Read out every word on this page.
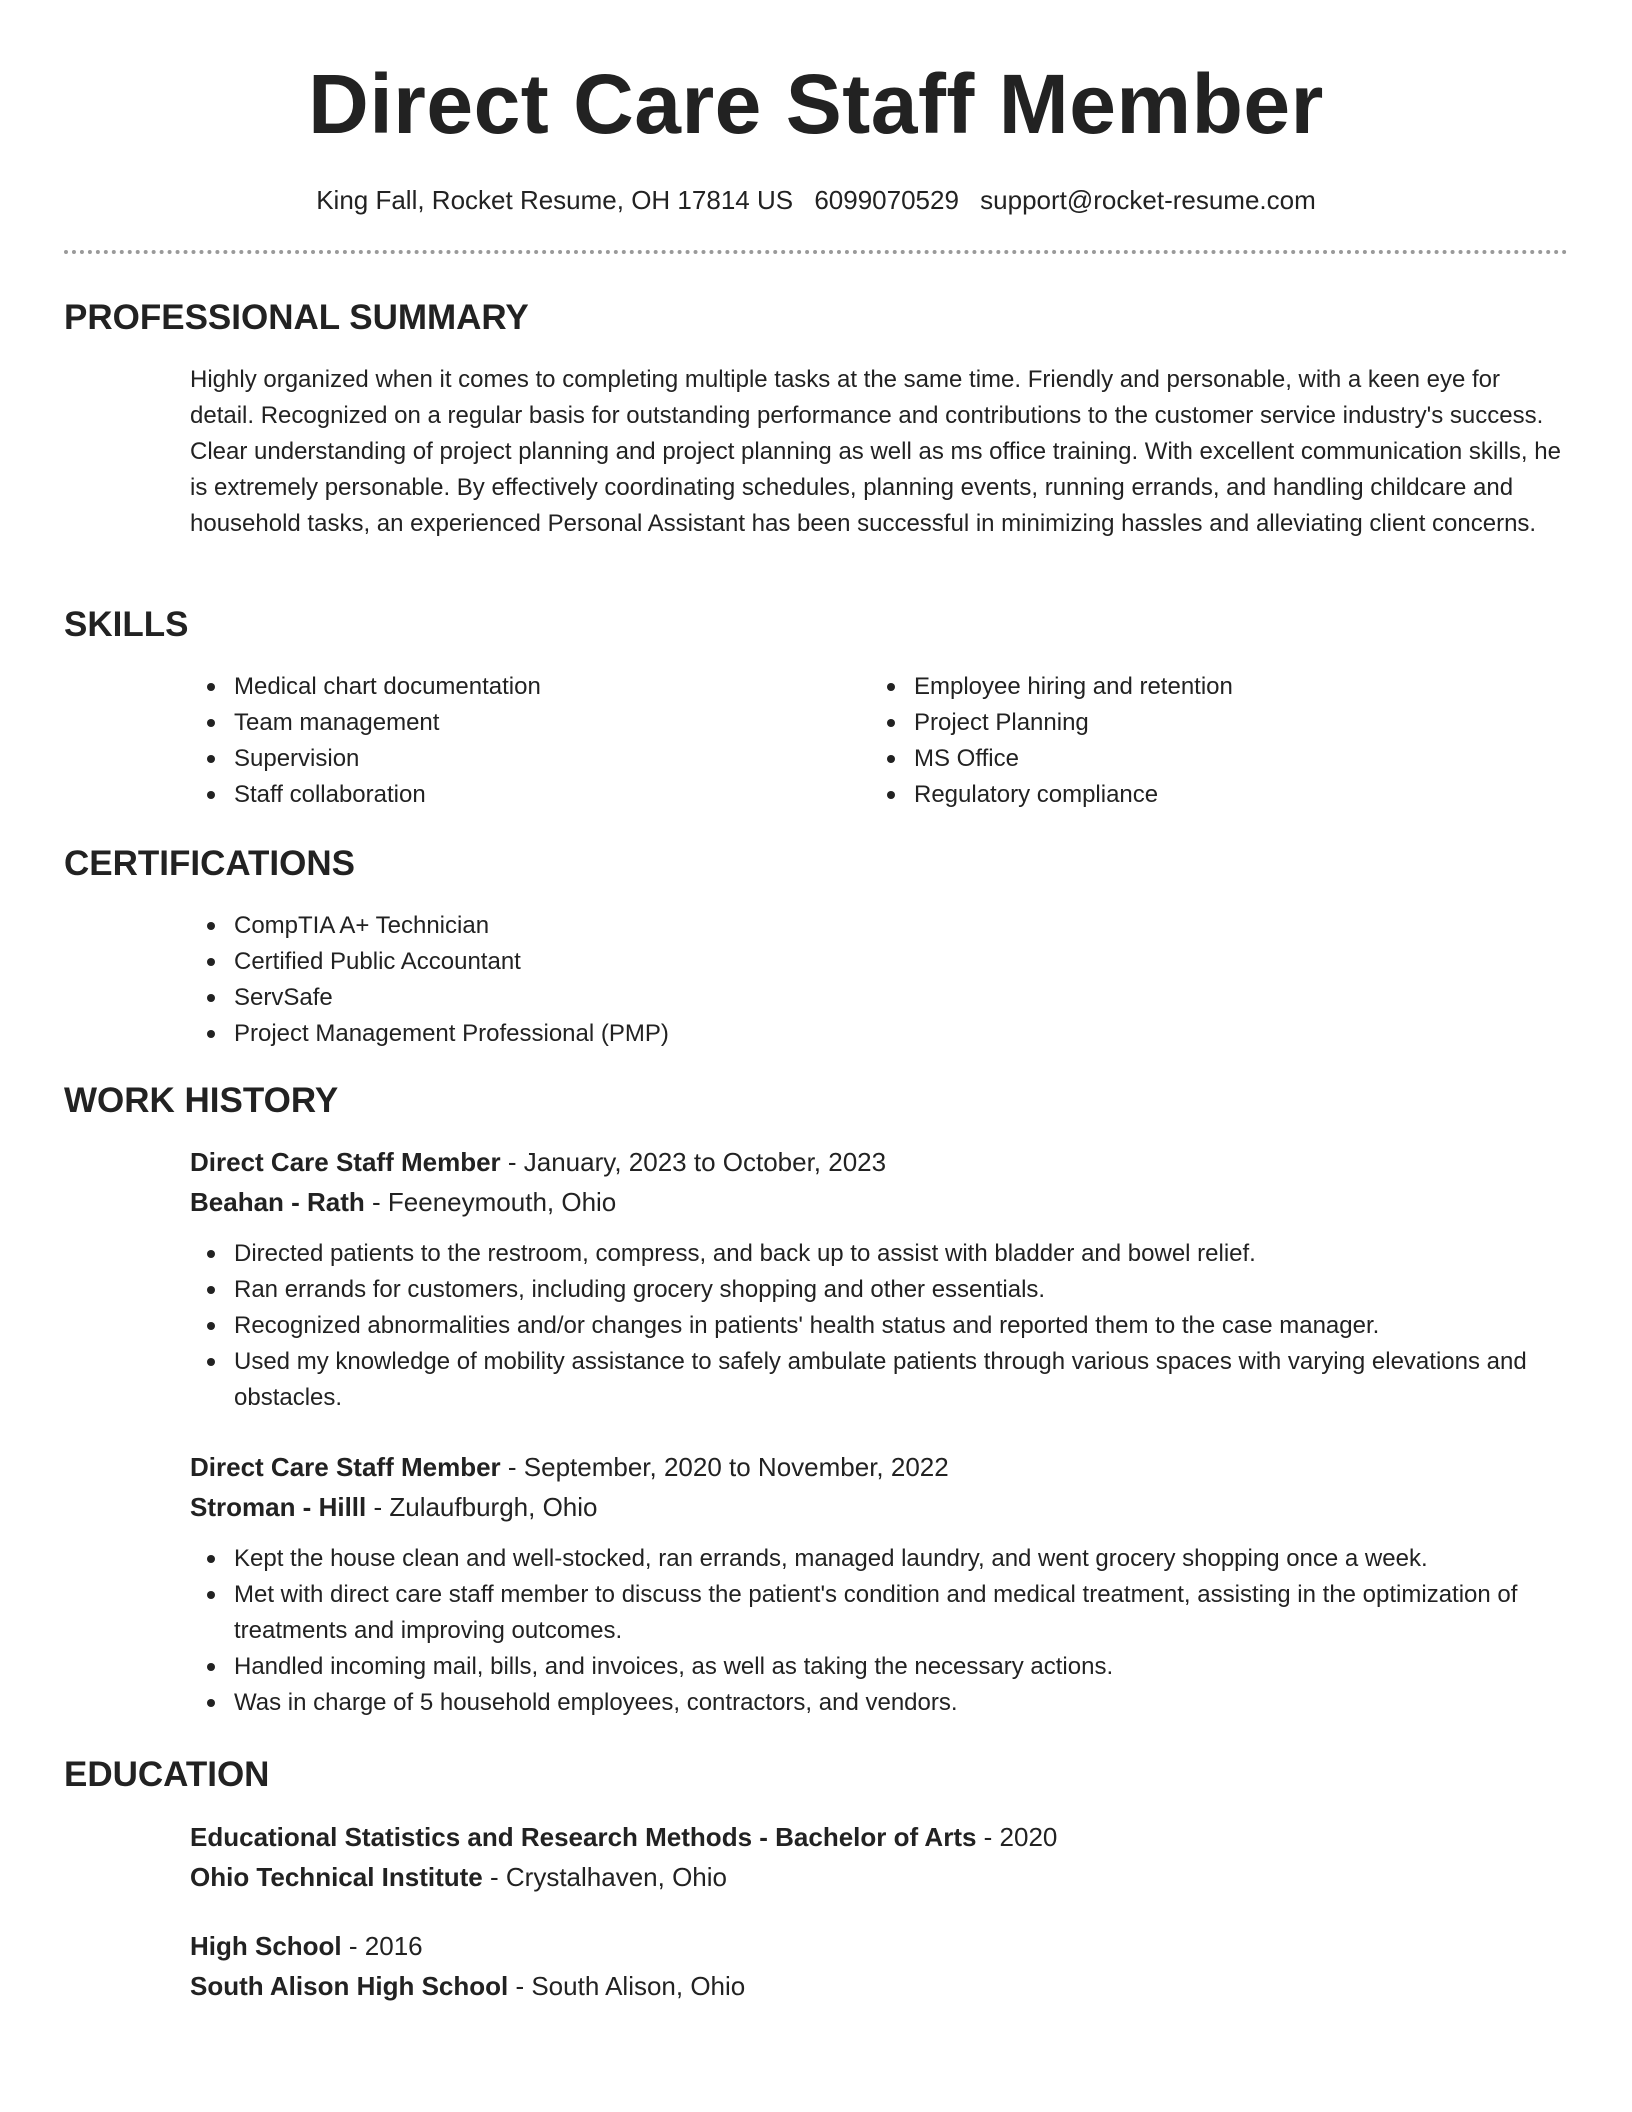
Direct Care Staff Member
King Fall, Rocket Resume, OH 17814 US 6099070529 support@rocket-resume.com
PROFESSIONAL SUMMARY

Highly organized when it comes to completing multiple tasks at the same time. Friendly and personable, with a keen eye for detail. Recognized on a regular basis for outstanding performance and contributions to the customer service industry's success. Clear understanding of project planning and project planning as well as ms office training. With excellent communication skills, he is extremely personable. By effectively coordinating schedules, planning events, running errands, and handling childcare and household tasks, an experienced Personal Assistant has been successful in minimizing hassles and alleviating client concerns.

SKILLS
Medical chart documentation
Team management
Supervision
Staff collaboration
Employee hiring and retention
Project Planning
MS Office
Regulatory compliance
CERTIFICATIONS
CompTIA A+ Technician
Certified Public Accountant
ServSafe
Project Management Professional (PMP)
WORK HISTORY
Direct Care Staff Member - January, 2023 to October, 2023
Beahan - Rath - Feeneymouth, Ohio
Directed patients to the restroom, compress, and back up to assist with bladder and bowel relief.
Ran errands for customers, including grocery shopping and other essentials.
Recognized abnormalities and/or changes in patients' health status and reported them to the case manager.
Used my knowledge of mobility assistance to safely ambulate patients through various spaces with varying elevations and obstacles.
Direct Care Staff Member - September, 2020 to November, 2022
Stroman - Hilll - Zulaufburgh, Ohio
Kept the house clean and well-stocked, ran errands, managed laundry, and went grocery shopping once a week.
Met with direct care staff member to discuss the patient's condition and medical treatment, assisting in the optimization of treatments and improving outcomes.
Handled incoming mail, bills, and invoices, as well as taking the necessary actions.
Was in charge of 5 household employees, contractors, and vendors.
EDUCATION
Educational Statistics and Research Methods - Bachelor of Arts - 2020
Ohio Technical Institute - Crystalhaven, Ohio
High School - 2016
South Alison High School - South Alison, Ohio
